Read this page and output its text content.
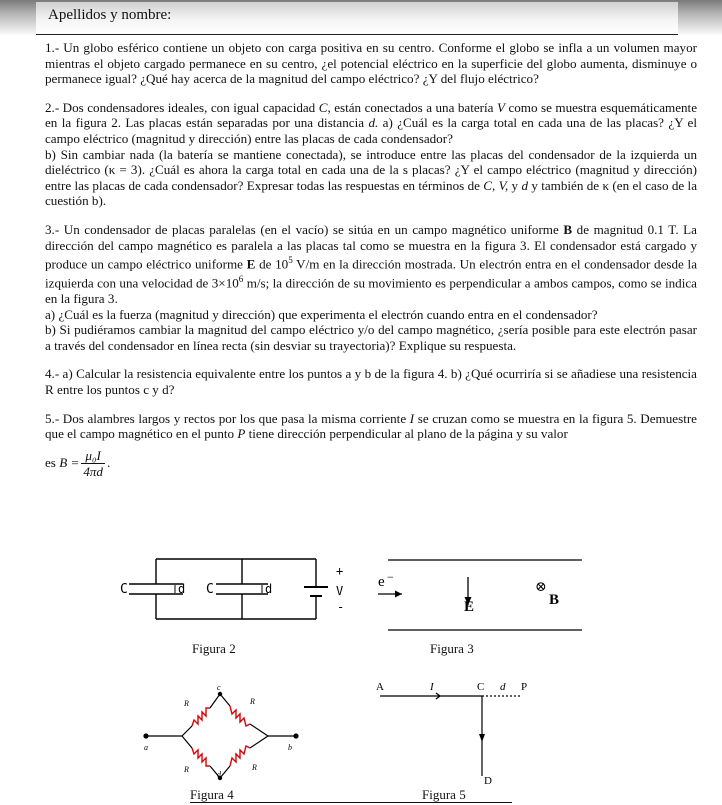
Apellidos y nombre:

1.- Un globo esférico contiene un objeto con carga positiva en su centro. Conforme el globo se infla a un volumen mayor mientras el objeto cargado permanece en su centro, ¿el potencial eléctrico en la superficie del globo aumenta, disminuye o permanece igual? ¿Qué hay acerca de la magnitud del campo eléctrico? ¿Y del flujo eléctrico?

2.- Dos condensadores ideales, con igual capacidad C, están conectados a una batería V como se muestra esquemáticamente en la figura 2. Las placas están separadas por una distancia d. a) ¿Cuál es la carga total en cada una de las placas? ¿Y el campo eléctrico (magnitud y dirección) entre las placas de cada condensador?
b) Sin cambiar nada (la batería se mantiene conectada), se introduce entre las placas del condensador de la izquierda un dieléctrico (κ = 3). ¿Cuál es ahora la carga total en cada una de la s placas? ¿Y el campo eléctrico (magnitud y dirección) entre las placas de cada condensador? Expresar todas las respuestas en términos de C, V, y d y también de κ (en el caso de la cuestión b).

3.- Un condensador de placas paralelas (en el vacío) se sitúa en un campo magnético uniforme B de magnitud 0.1 T. La dirección del campo magnético es paralela a las placas tal como se muestra en la figura 3. El condensador está cargado y produce un campo eléctrico uniforme E de $10^5$ V/m en la dirección mostrada. Un electrón entra en el condensador desde la izquierda con una velocidad de $3\times 10^6$ m/s; la dirección de su movimiento es perpendicular a ambos campos, como se indica en la figura 3.
a) ¿Cuál es la fuerza (magnitud y dirección) que experimenta el electrón cuando entra en el condensador?
b) Si pudiéramos cambiar la magnitud del campo eléctrico y/o del campo magnético, ¿sería posible para este electrón pasar a través del condensador en línea recta (sin desviar su trayectoria)? Explique su respuesta.

4.- a) Calcular la resistencia equivalente entre los puntos a y b de la figura 4. b) ¿Qué ocurriría si se añadiese una resistencia R entre los puntos c y d?

5.- Dos alambres largos y rectos por los que pasa la misma corriente I se cruzan como se muestra en la figura 5. Demuestre que el campo magnético en el punto P tiene dirección perpendicular al plano de la página y su valor
es $B = \frac{\text{μ₀I}}{4\pi d}$ .

C	d C	d
+
V
-
Figura 2
e −
E
⊗
B
Figura 3
R	R
R	R
a	b
c
d
Figura 4
A	I	C d P
D
Figura 5
